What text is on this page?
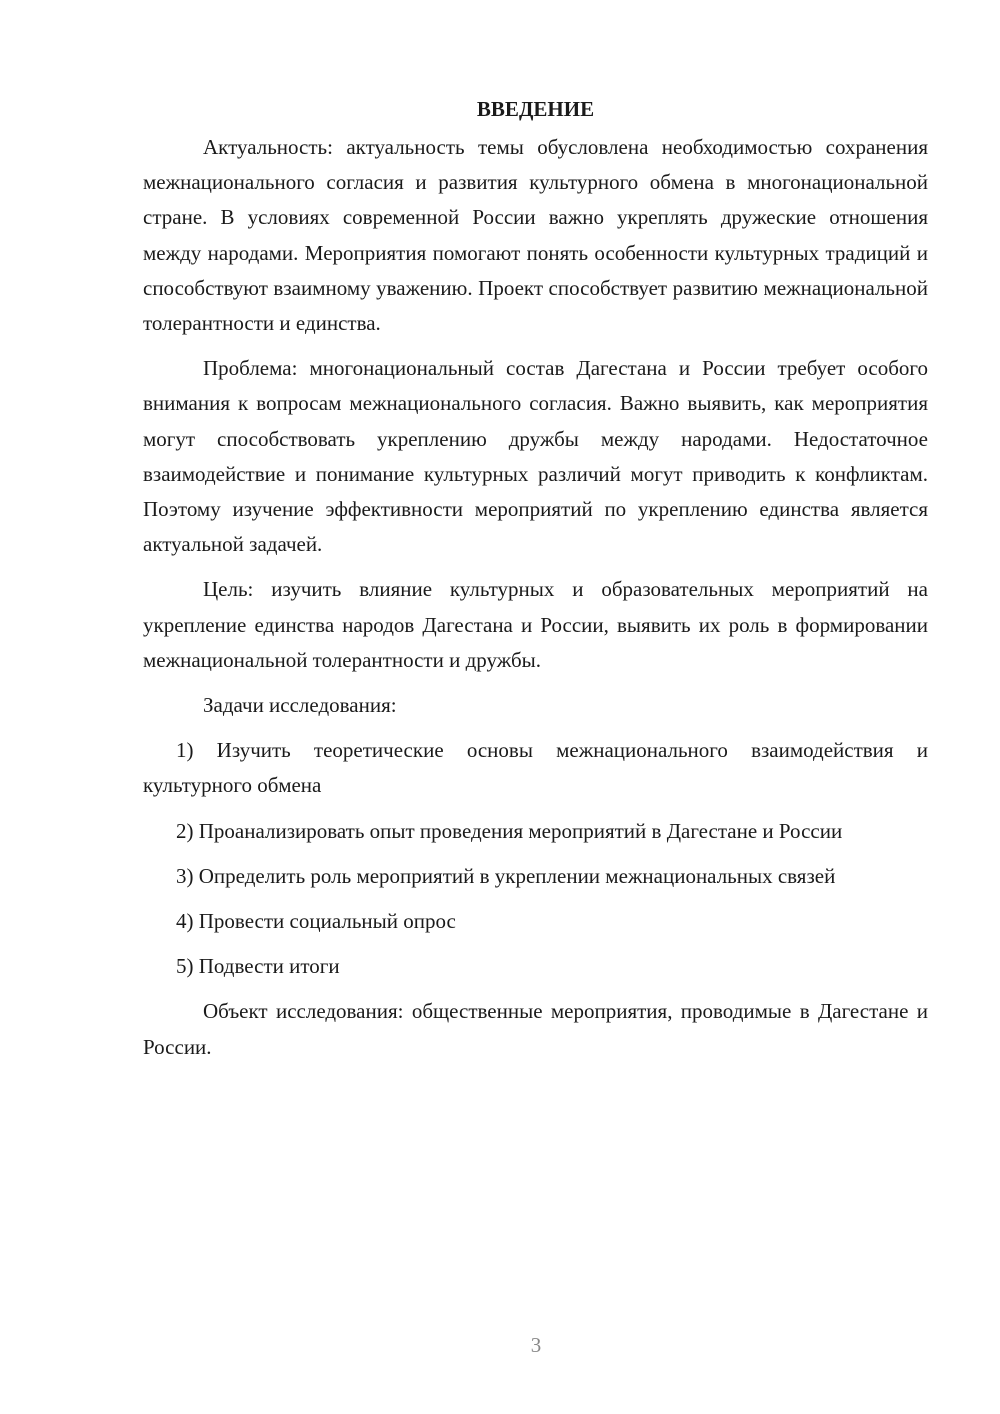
ВВЕДЕНИЕ

Актуальность: актуальность темы обусловлена необходимостью сохранения межнационального согласия и развития культурного обмена в многонациональной стране. В условиях современной России важно укреплять дружеские отношения между народами. Мероприятия помогают понять особенности культурных традиций и способствуют взаимному уважению. Проект способствует развитию межнациональной толерантности и единства.

Проблема: многонациональный состав Дагестана и России требует особого внимания к вопросам межнационального согласия. Важно выявить, как мероприятия могут способствовать укреплению дружбы между народами. Недостаточное взаимодействие и понимание культурных различий могут приводить к конфликтам. Поэтому изучение эффективности мероприятий по укреплению единства является актуальной задачей.

Цель: изучить влияние культурных и образовательных мероприятий на укрепление единства народов Дагестана и России, выявить их роль в формировании межнациональной толерантности и дружбы.

Задачи исследования:

1) Изучить теоретические основы межнационального взаимодействия и культурного обмена

2) Проанализировать опыт проведения мероприятий в Дагестане и России

3) Определить роль мероприятий в укреплении межнациональных связей

4) Провести социальный опрос

5) Подвести итоги

Объект исследования: общественные мероприятия, проводимые в Дагестане и России.

3
